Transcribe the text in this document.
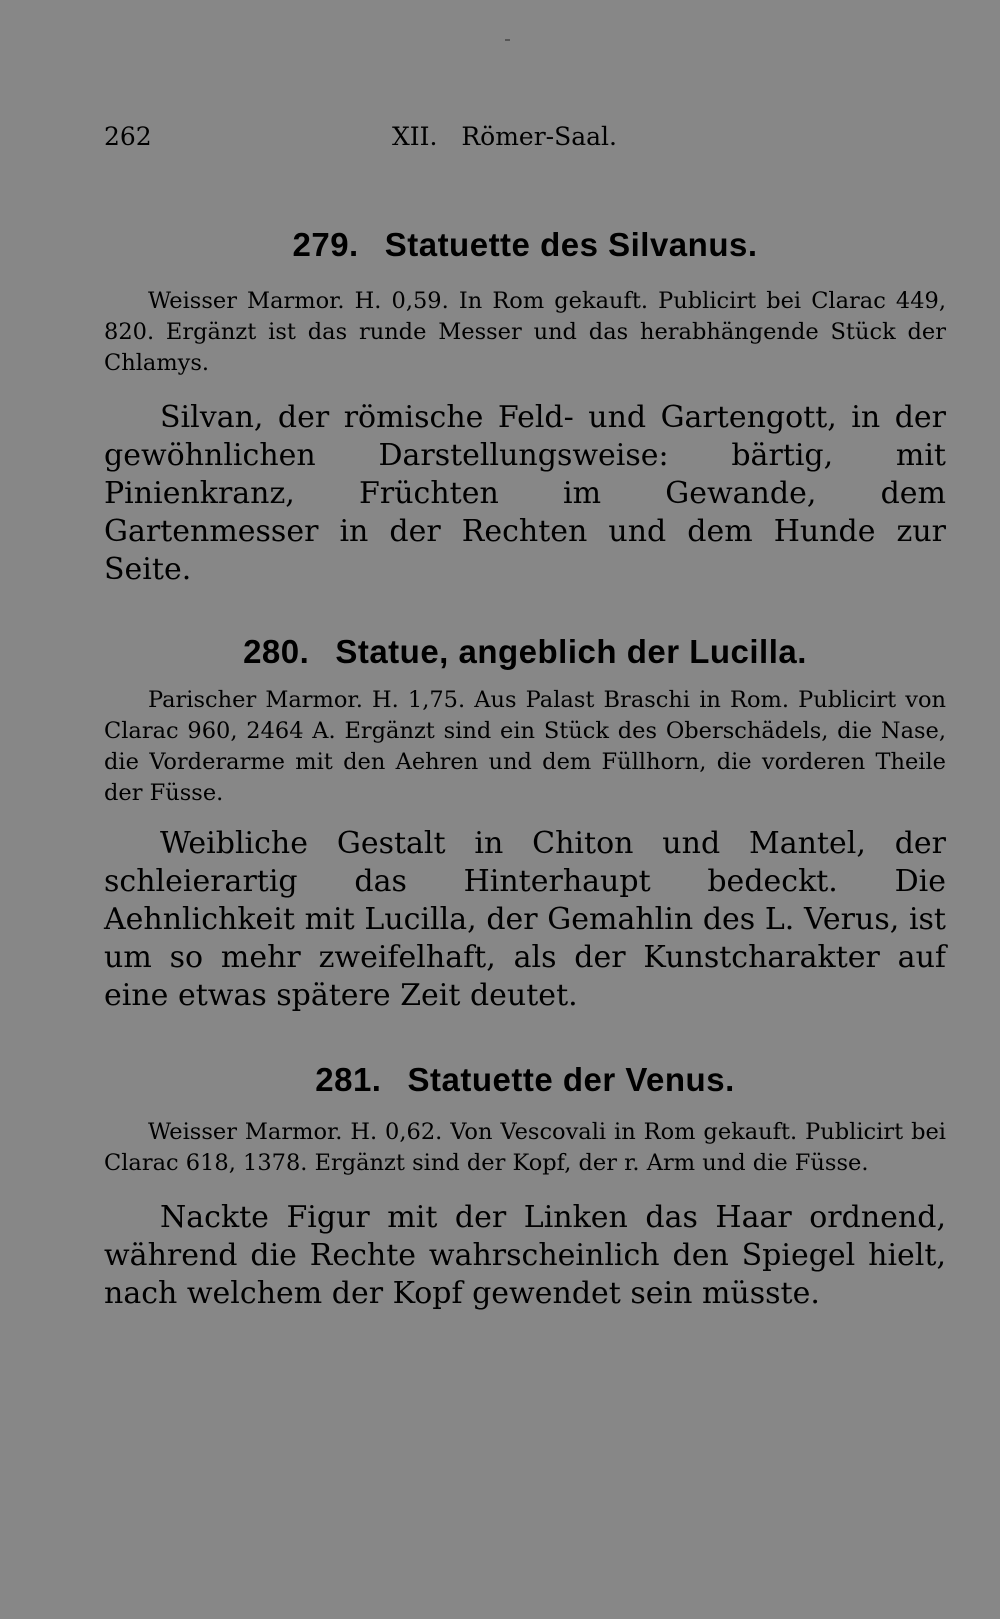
262	XII.   Römer-Saal.
279. Statuette des Silvanus.

Weisser Marmor. H. 0,59. In Rom gekauft. Publicirt bei Clarac 449, 820. Ergänzt ist das runde Messer und das herabhängende Stück der Chlamys.

Silvan, der römische Feld- und Gartengott, in der gewöhnlichen Darstellungsweise: bärtig, mit Pinienkranz, Früchten im Gewande, dem Gartenmesser in der Rechten und dem Hunde zur Seite.

280. Statue, angeblich der Lucilla.

Parischer Marmor. H. 1,75. Aus Palast Braschi in Rom. Publicirt von Clarac 960, 2464 A. Ergänzt sind ein Stück des Oberschädels, die Nase, die Vorderarme mit den Aehren und dem Füllhorn, die vorderen Theile der Füsse.

Weibliche Gestalt in Chiton und Mantel, der schleierartig das Hinterhaupt bedeckt. Die Aehnlichkeit mit Lucilla, der Gemahlin des L. Verus, ist um so mehr zweifelhaft, als der Kunstcharakter auf eine etwas spätere Zeit deutet.

281. Statuette der Venus.

Weisser Marmor. H. 0,62. Von Vescovali in Rom gekauft. Publicirt bei Clarac 618, 1378. Ergänzt sind der Kopf, der r. Arm und die Füsse.

Nackte Figur mit der Linken das Haar ordnend, während die Rechte wahrscheinlich den Spiegel hielt, nach welchem der Kopf gewendet sein müsste.
